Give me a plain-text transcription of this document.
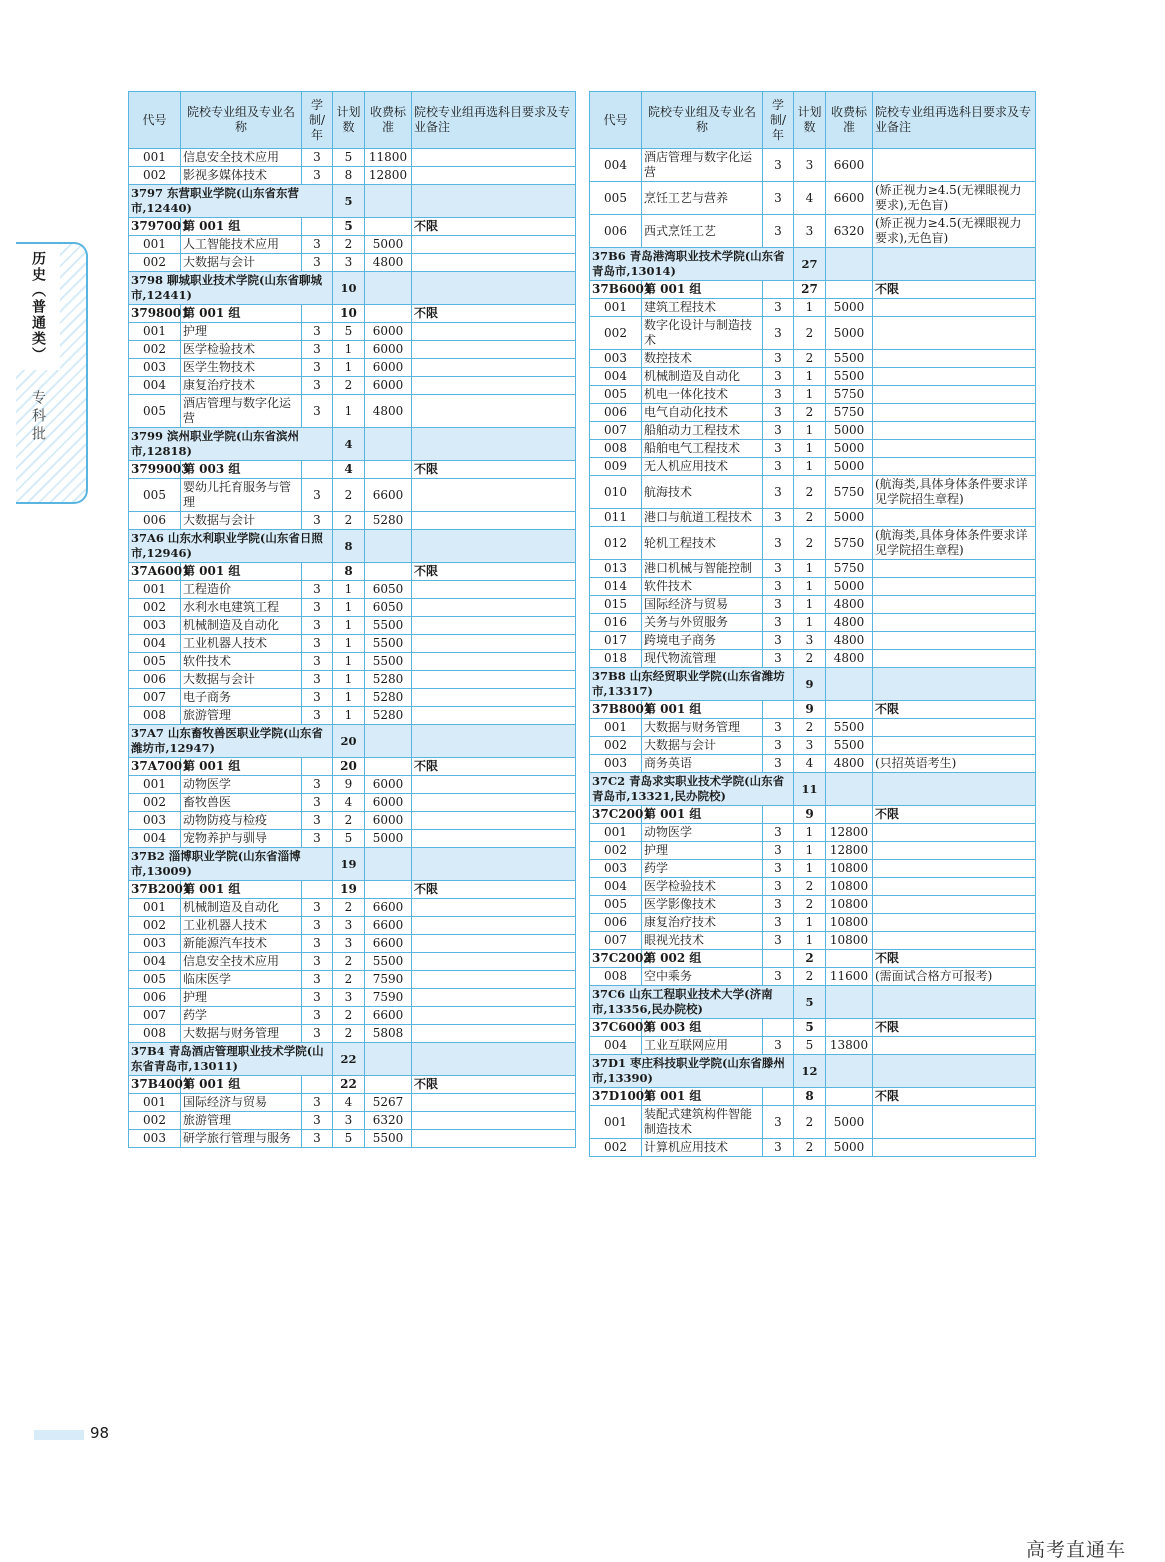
历史（普通类）
专科批
代号	院校专业组及专业名称	学制/年	计划数	收费标准	院校专业组再选科目要求及专业备注
001	信息安全技术应用	3	5	11800	
002	影视多媒体技术	3	8	12800	
3797 东营职业学院(山东省东营市,12440)			5		
3797001	第 001 组		5		不限
001	人工智能技术应用	3	2	5000	
002	大数据与会计	3	3	4800	
3798 聊城职业技术学院(山东省聊城市,12441)			10		
3798001	第 001 组		10		不限
001	护理	3	5	6000	
002	医学检验技术	3	1	6000	
003	医学生物技术	3	1	6000	
004	康复治疗技术	3	2	6000	
005	酒店管理与数字化运营	3	1	4800	
3799 滨州职业学院(山东省滨州市,12818)			4		
3799003	第 003 组		4		不限
005	婴幼儿托育服务与管理	3	2	6600	
006	大数据与会计	3	2	5280	
37A6 山东水利职业学院(山东省日照市,12946)			8		
37A6001	第 001 组		8		不限
001	工程造价	3	1	6050	
002	水利水电建筑工程	3	1	6050	
003	机械制造及自动化	3	1	5500	
004	工业机器人技术	3	1	5500	
005	软件技术	3	1	5500	
006	大数据与会计	3	1	5280	
007	电子商务	3	1	5280	
008	旅游管理	3	1	5280	
37A7 山东畜牧兽医职业学院(山东省潍坊市,12947)			20		
37A7001	第 001 组		20		不限
001	动物医学	3	9	6000	
002	畜牧兽医	3	4	6000	
003	动物防疫与检疫	3	2	6000	
004	宠物养护与驯导	3	5	5000	
37B2 淄博职业学院(山东省淄博市,13009)			19		
37B2001	第 001 组		19		不限
001	机械制造及自动化	3	2	6600	
002	工业机器人技术	3	3	6600	
003	新能源汽车技术	3	3	6600	
004	信息安全技术应用	3	2	5500	
005	临床医学	3	2	7590	
006	护理	3	3	7590	
007	药学	3	2	6600	
008	大数据与财务管理	3	2	5808	
37B4 青岛酒店管理职业技术学院(山东省青岛市,13011)			22		
37B4001	第 001 组		22		不限
001	国际经济与贸易	3	4	5267	
002	旅游管理	3	3	6320	
003	研学旅行管理与服务	3	5	5500	
代号	院校专业组及专业名称	学制/年	计划数	收费标准	院校专业组再选科目要求及专业备注
004	酒店管理与数字化运营	3	3	6600	
005	烹饪工艺与营养	3	4	6600	(矫正视力≥4.5(无裸眼视力要求),无色盲)
006	西式烹饪工艺	3	3	6320	(矫正视力≥4.5(无裸眼视力要求),无色盲)
37B6 青岛港湾职业技术学院(山东省青岛市,13014)			27		
37B6001	第 001 组		27		不限
001	建筑工程技术	3	1	5000	
002	数字化设计与制造技术	3	2	5000	
003	数控技术	3	2	5500	
004	机械制造及自动化	3	1	5500	
005	机电一体化技术	3	1	5750	
006	电气自动化技术	3	2	5750	
007	船舶动力工程技术	3	1	5000	
008	船舶电气工程技术	3	1	5000	
009	无人机应用技术	3	1	5000	
010	航海技术	3	2	5750	(航海类,具体身体条件要求详见学院招生章程)
011	港口与航道工程技术	3	2	5000	
012	轮机工程技术	3	2	5750	(航海类,具体身体条件要求详见学院招生章程)
013	港口机械与智能控制	3	1	5750	
014	软件技术	3	1	5000	
015	国际经济与贸易	3	1	4800	
016	关务与外贸服务	3	1	4800	
017	跨境电子商务	3	3	4800	
018	现代物流管理	3	2	4800	
37B8 山东经贸职业学院(山东省潍坊市,13317)			9		
37B8001	第 001 组		9		不限
001	大数据与财务管理	3	2	5500	
002	大数据与会计	3	3	5500	
003	商务英语	3	4	4800	(只招英语考生)
37C2 青岛求实职业技术学院(山东省青岛市,13321,民办院校)			11		
37C2001	第 001 组		9		不限
001	动物医学	3	1	12800	
002	护理	3	1	12800	
003	药学	3	1	10800	
004	医学检验技术	3	2	10800	
005	医学影像技术	3	2	10800	
006	康复治疗技术	3	1	10800	
007	眼视光技术	3	1	10800	
37C2002	第 002 组		2		不限
008	空中乘务	3	2	11600	(需面试合格方可报考)
37C6 山东工程职业技术大学(济南市,13356,民办院校)			5		
37C6003	第 003 组		5		不限
004	工业互联网应用	3	5	13800	
37D1 枣庄科技职业学院(山东省滕州市,13390)			12		
37D1001	第 001 组		8		不限
001	装配式建筑构件智能制造技术	3	2	5000	
002	计算机应用技术	3	2	5000	
98
高考直通车
